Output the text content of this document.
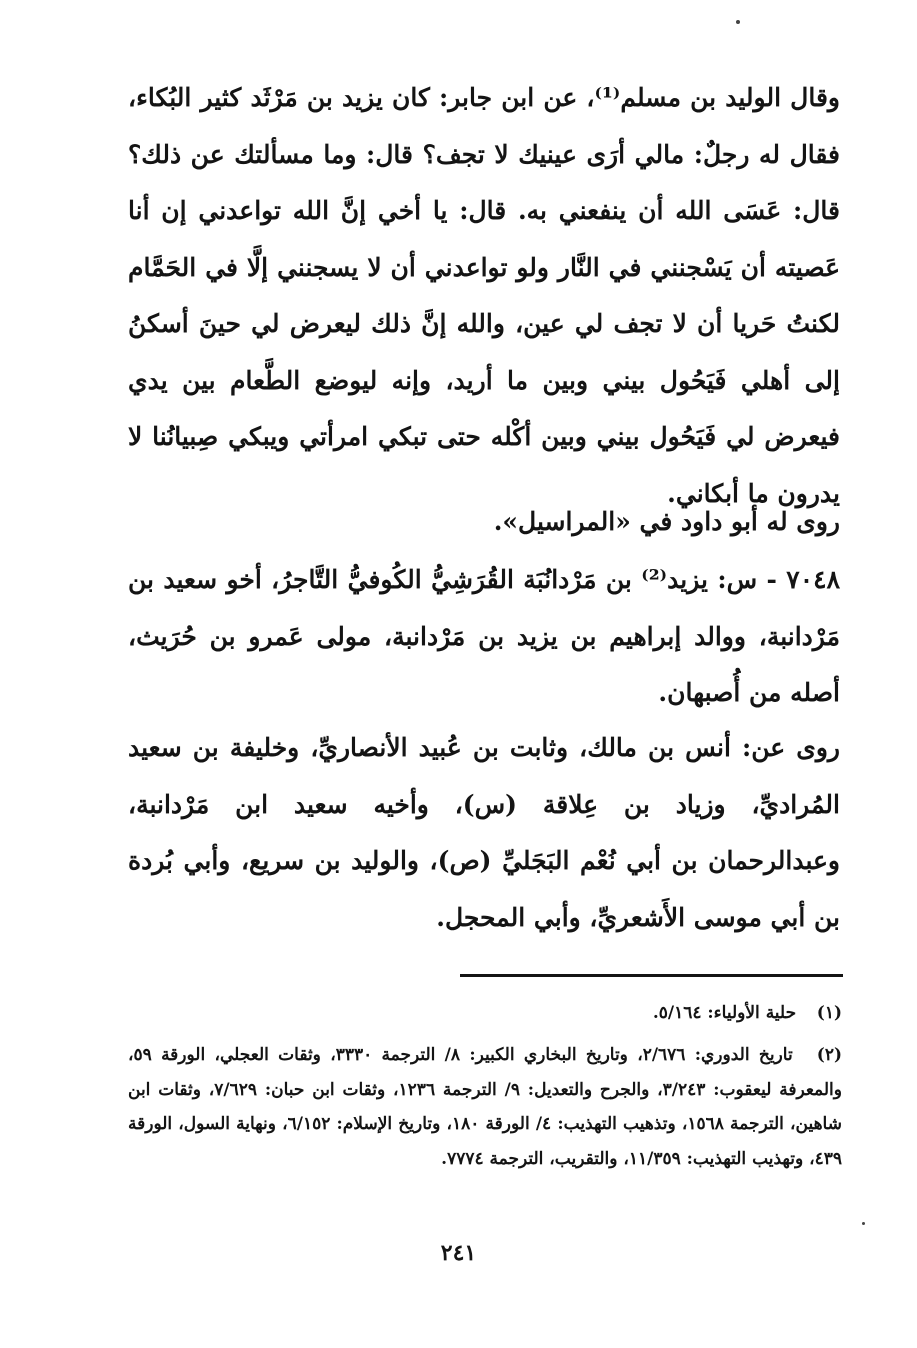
وقال الوليد بن مسلم⁽¹⁾، عن ابن جابر: كان يزيد بن مَرْثَد كثير البُكاء، فقال له رجلٌ: مالي أرَى عينيك لا تجف؟ قال: وما مسألتك عن ذلك؟ قال: عَسَى الله أن ينفعني به. قال: يا أخي إنَّ الله تواعدني إن أنا عَصيته أن يَسْجنني في النَّار ولو تواعدني أن لا يسجنني إلَّا في الحَمَّام لكنتُ حَريا أن لا تجف لي عين، والله إنَّ ذلك ليعرض لي حينَ أسكنُ إلى أهلي فَيَحُول بيني وبين ما أريد، وإنه ليوضع الطَّعام بين يدي فيعرض لي فَيَحُول بيني وبين أكْله حتى تبكي امرأتي ويبكي صِبيانُنا لا يدرون ما أبكاني.

روى له أبو داود في «المراسيل».

٧٠٤٨ - س: يزيد⁽²⁾ بن مَرْدانُبَة القُرَشِيُّ الكُوفيُّ التَّاجرُ، أخو سعيد بن مَرْدانبة، ووالد إبراهيم بن يزيد بن مَرْدانبة، مولى عَمرو بن حُرَيث، أصله من أُصبهان.

روى عن: أنس بن مالك، وثابت بن عُبيد الأنصاريِّ، وخليفة بن سعيد المُراديِّ، وزياد بن عِلاقة (س)، وأخيه سعيد ابن مَرْدانبة، وعبدالرحمان بن أبي نُعْم البَجَليِّ (ص)، والوليد بن سريع، وأبي بُردة بن أبي موسى الأَشعريِّ، وأبي المحجل.

(١) حلية الأولياء: ٥/١٦٤.

(٢) تاريخ الدوري: ٢/٦٧٦، وتاريخ البخاري الكبير: ٨/ الترجمة ٣٣٣٠، وثقات العجلي، الورقة ٥٩، والمعرفة ليعقوب: ٣/٢٤٣، والجرح والتعديل: ٩/ الترجمة ١٢٣٦، وثقات ابن حبان: ٧/٦٢٩، وثقات ابن شاهين، الترجمة ١٥٦٨، وتذهيب التهذيب: ٤/ الورقة ١٨٠، وتاريخ الإسلام: ٦/١٥٢، ونهاية السول، الورقة ٤٣٩، وتهذيب التهذيب: ١١/٣٥٩، والتقريب، الترجمة ٧٧٧٤.

٢٤١
